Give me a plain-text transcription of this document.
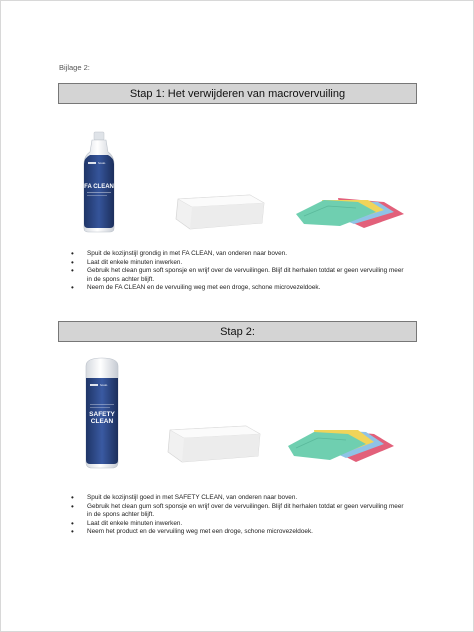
Bijlage 2:
Stap 1: Het verwijderen van macrovervuiling
hosto
FA CLEAN
• Spuit de kozijnstijl grondig in met FA CLEAN, van onderen naar boven.
• Laat dit enkele minuten inwerken.
• Gebruik het clean gum soft sponsje en wrijf over de vervuilingen. Blijf dit herhalen totdat er geen vervuiling meer in de spons achter blijft.
• Neem de FA CLEAN en de vervuiling weg met een droge, schone microvezeldoek.
Stap 2:
hosto
SAFETY
CLEAN
• Spuit de kozijnstijl goed in met SAFETY CLEAN, van onderen naar boven.
• Gebruik het clean gum soft sponsje en wrijf over de vervuilingen. Blijf dit herhalen totdat er geen vervuiling meer in de spons achter blijft.
• Laat dit enkele minuten inwerken.
• Neem het product en de vervuiling weg met een droge, schone microvezeldoek.
